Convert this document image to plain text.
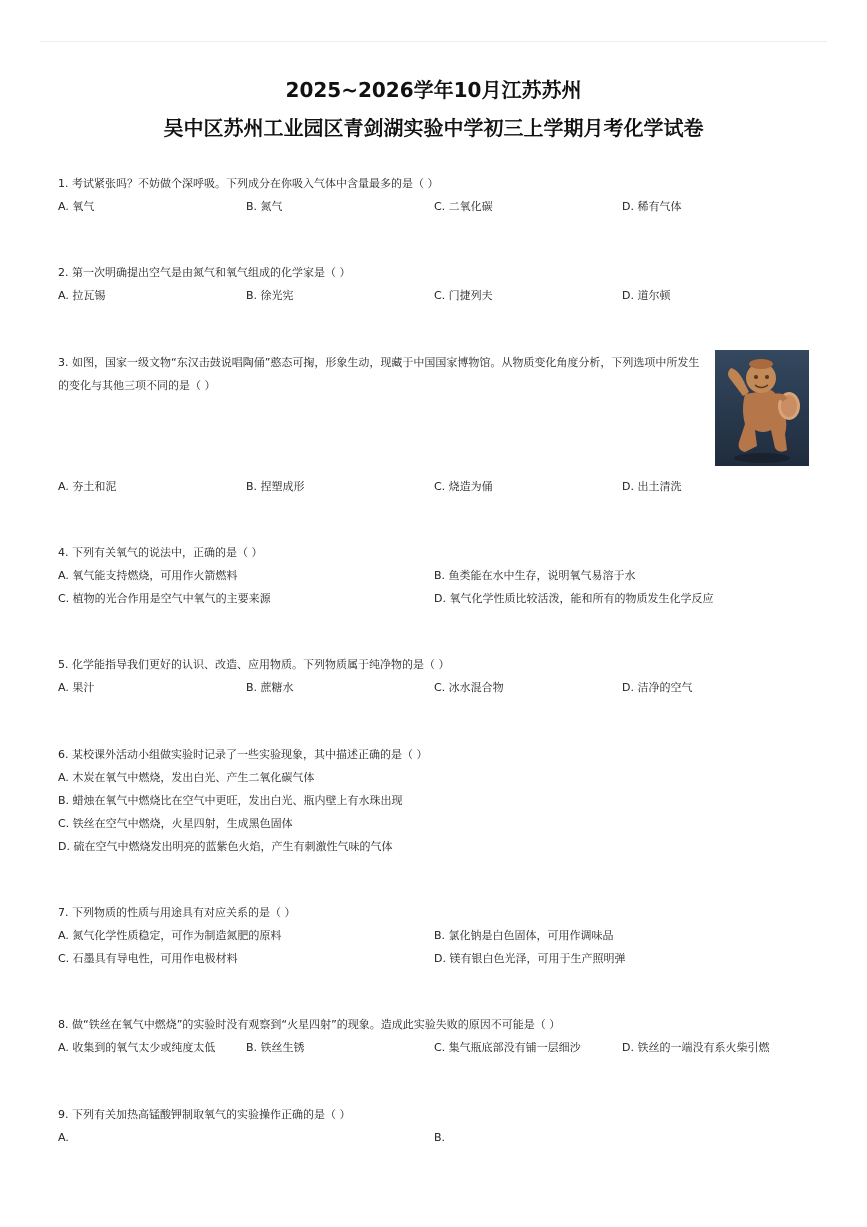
2025~2026学年10月江苏苏州
吴中区苏州工业园区青剑湖实验中学初三上学期月考化学试卷
1. 考试紧张吗？不妨做个深呼吸。下列成分在你吸入气体中含量最多的是（ ）
A. 氧气	B. 氮气	C. 二氧化碳	D. 稀有气体
2. 第一次明确提出空气是由氮气和氧气组成的化学家是（ ）
A. 拉瓦锡	B. 徐光宪	C. 门捷列夫	D. 道尔顿
3. 如图，国家一级文物“东汉击鼓说唱陶俑”憨态可掬，形象生动，现藏于中国国家博物馆。从物质变化角度分析，下列选项中所发生的变化与其他三项不同的是（ ）
A. 夯土和泥	B. 捏塑成形	C. 烧造为俑	D. 出土清洗
4. 下列有关氧气的说法中，正确的是（ ）
A. 氧气能支持燃烧，可用作火箭燃料	B. 鱼类能在水中生存，说明氧气易溶于水
C. 植物的光合作用是空气中氧气的主要来源	D. 氧气化学性质比较活泼，能和所有的物质发生化学反应
5. 化学能指导我们更好的认识、改造、应用物质。下列物质属于纯净物的是（ ）
A. 果汁	B. 蔗糖水	C. 冰水混合物	D. 洁净的空气
6. 某校课外活动小组做实验时记录了一些实验现象，其中描述正确的是（ ）
A. 木炭在氧气中燃烧，发出白光、产生二氧化碳气体
B. 蜡烛在氧气中燃烧比在空气中更旺，发出白光、瓶内壁上有水珠出现
C. 铁丝在空气中燃烧，火星四射，生成黑色固体
D. 硫在空气中燃烧发出明亮的蓝紫色火焰，产生有刺激性气味的气体
7. 下列物质的性质与用途具有对应关系的是（ ）
A. 氮气化学性质稳定，可作为制造氮肥的原料	B. 氯化钠是白色固体，可用作调味品
C. 石墨具有导电性，可用作电极材料	D. 镁有银白色光泽，可用于生产照明弹
8. 做“铁丝在氧气中燃烧”的实验时没有观察到“火星四射”的现象。造成此实验失败的原因不可能是（ ）
A. 收集到的氧气太少或纯度太低	B. 铁丝生锈	C. 集气瓶底部没有铺一层细沙	D. 铁丝的一端没有系火柴引燃
9. 下列有关加热高锰酸钾制取氧气的实验操作正确的是（ ）
A.	B.
